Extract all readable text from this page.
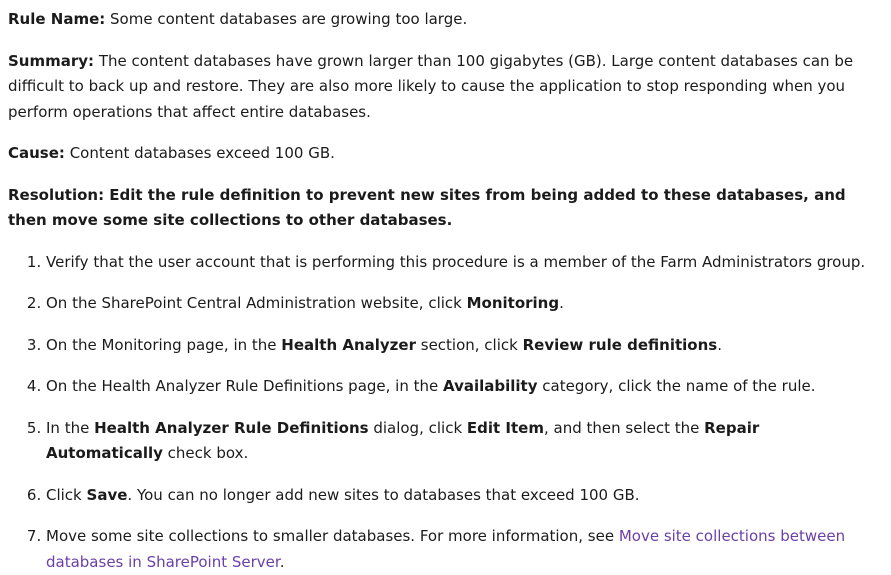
Rule Name: Some content databases are growing too large.

Summary: The content databases have grown larger than 100 gigabytes (GB). Large content databases can be difficult to back up and restore. They are also more likely to cause the application to stop responding when you perform operations that affect entire databases.

Cause: Content databases exceed 100 GB.

Resolution: Edit the rule definition to prevent new sites from being added to these databases, and then move some site collections to other databases.

1. Verify that the user account that is performing this procedure is a member of the Farm Administrators group.
2. On the SharePoint Central Administration website, click Monitoring.
3. On the Monitoring page, in the Health Analyzer section, click Review rule definitions.
4. On the Health Analyzer Rule Definitions page, in the Availability category, click the name of the rule.
5. In the Health Analyzer Rule Definitions dialog, click Edit Item, and then select the Repair Automatically check box.
6. Click Save. You can no longer add new sites to databases that exceed 100 GB.
7. Move some site collections to smaller databases. For more information, see Move site collections between databases in SharePoint Server.
